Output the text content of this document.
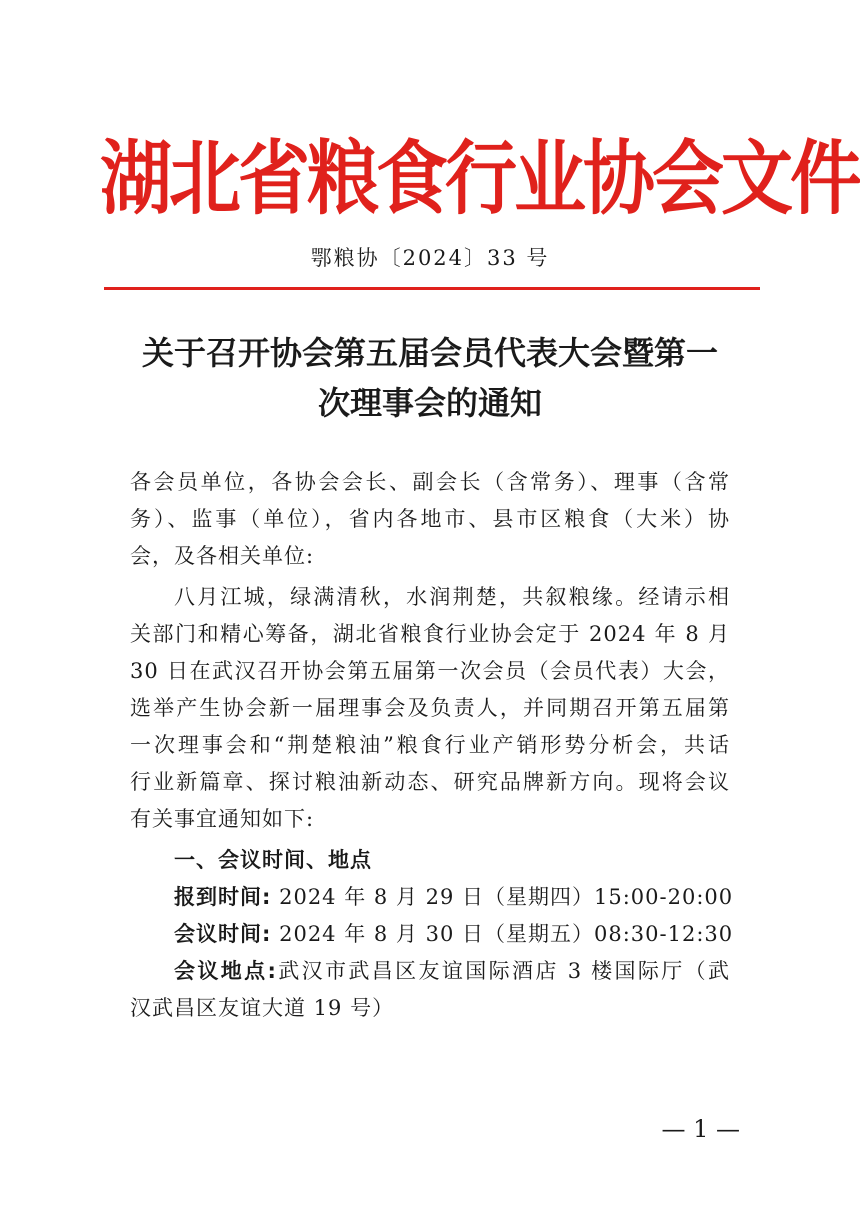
湖北省粮食行业协会文件
鄂粮协〔2024〕33 号
关于召开协会第五届会员代表大会暨第一
次理事会的通知
各会员单位，各协会会长、副会长（含常务）、理事（含常
务）、监事（单位），省内各地市、县市区粮食（大米）协
会，及各相关单位:
八月江城，绿满清秋，水润荆楚，共叙粮缘。经请示相
关部门和精心筹备，湖北省粮食行业协会定于 2024 年 8 月
30 日在武汉召开协会第五届第一次会员（会员代表）大会，
选举产生协会新一届理事会及负责人，并同期召开第五届第
一次理事会和“荆楚粮油”粮食行业产销形势分析会，共话
行业新篇章、探讨粮油新动态、研究品牌新方向。现将会议
有关事宜通知如下:
一、会议时间、地点
报到时间: 2024 年 8 月 29 日（星期四） 15:00-20:00
会议时间: 2024 年 8 月 30 日（星期五） 08:30-12:30
会议地点:武汉市武昌区友谊国际酒店 3 楼国际厅（武
汉武昌区友谊大道 19 号）
— 1 —
